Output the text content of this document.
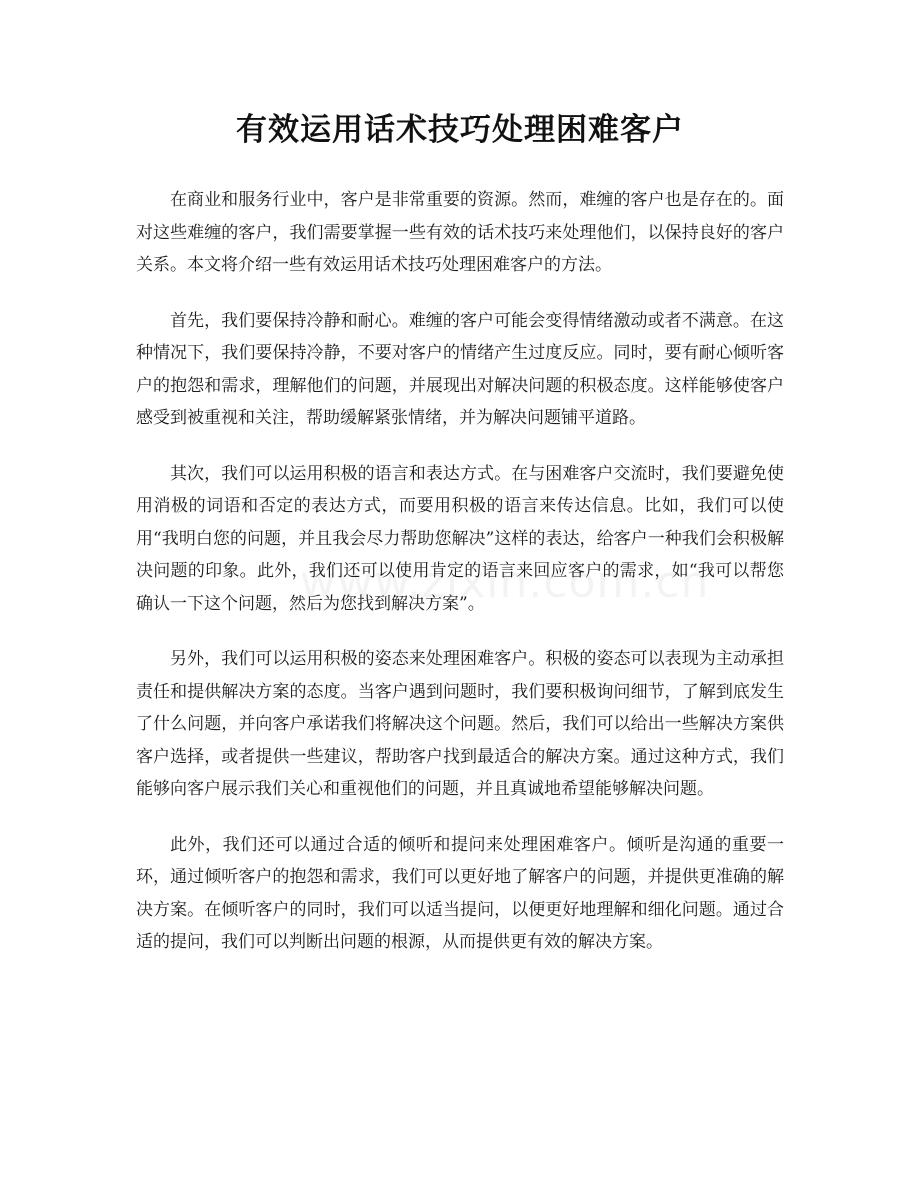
有效运用话术技巧处理困难客户

在商业和服务行业中，客户是非常重要的资源。然而，难缠的客户也是存在的。面对这些难缠的客户，我们需要掌握一些有效的话术技巧来处理他们，以保持良好的客户关系。本文将介绍一些有效运用话术技巧处理困难客户的方法。

首先，我们要保持冷静和耐心。难缠的客户可能会变得情绪激动或者不满意。在这种情况下，我们要保持冷静，不要对客户的情绪产生过度反应。同时，要有耐心倾听客户的抱怨和需求，理解他们的问题，并展现出对解决问题的积极态度。这样能够使客户感受到被重视和关注，帮助缓解紧张情绪，并为解决问题铺平道路。

其次，我们可以运用积极的语言和表达方式。在与困难客户交流时，我们要避免使用消极的词语和否定的表达方式，而要用积极的语言来传达信息。比如，我们可以使用“我明白您的问题，并且我会尽力帮助您解决”这样的表达，给客户一种我们会积极解决问题的印象。此外，我们还可以使用肯定的语言来回应客户的需求，如“我可以帮您确认一下这个问题，然后为您找到解决方案”。

另外，我们可以运用积极的姿态来处理困难客户。积极的姿态可以表现为主动承担责任和提供解决方案的态度。当客户遇到问题时，我们要积极询问细节，了解到底发生了什么问题，并向客户承诺我们将解决这个问题。然后，我们可以给出一些解决方案供客户选择，或者提供一些建议，帮助客户找到最适合的解决方案。通过这种方式，我们能够向客户展示我们关心和重视他们的问题，并且真诚地希望能够解决问题。

此外，我们还可以通过合适的倾听和提问来处理困难客户。倾听是沟通的重要一环，通过倾听客户的抱怨和需求，我们可以更好地了解客户的问题，并提供更准确的解决方案。在倾听客户的同时，我们可以适当提问，以便更好地理解和细化问题。通过合适的提问，我们可以判断出问题的根源，从而提供更有效的解决方案。
